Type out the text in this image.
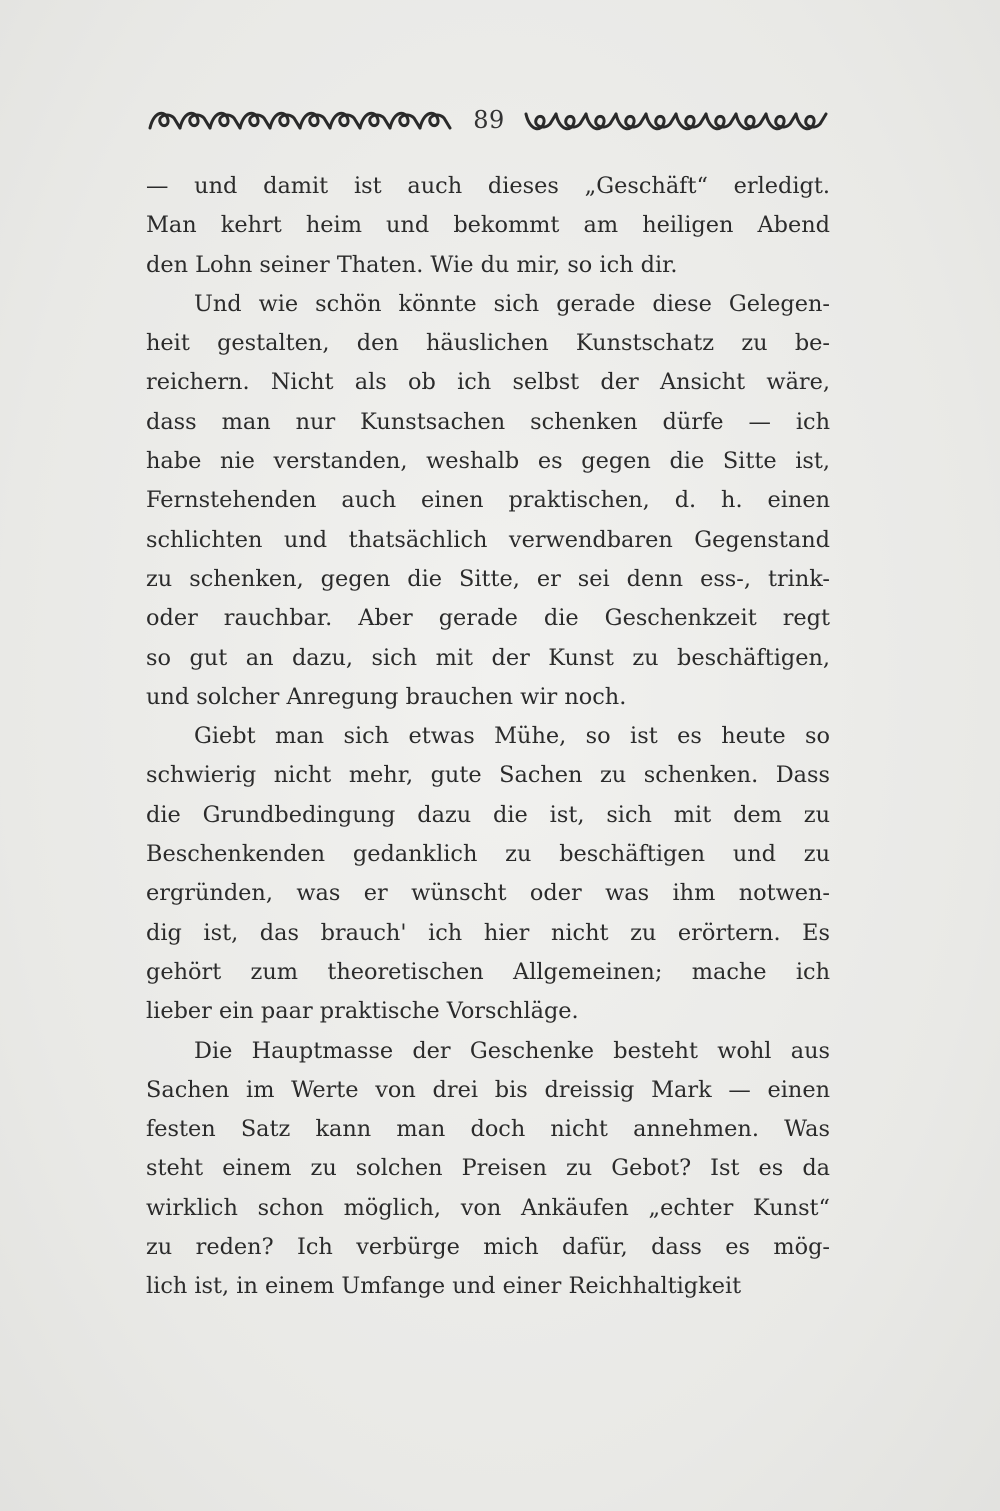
89
— und damit ist auch dieses „Geschäft“ erledigt.
Man kehrt heim und bekommt am heiligen Abend
den Lohn seiner Thaten. Wie du mir, so ich dir.
Und wie schön könnte sich gerade diese Gelegen-
heit gestalten, den häuslichen Kunstschatz zu be-
reichern. Nicht als ob ich selbst der Ansicht wäre,
dass man nur Kunstsachen schenken dürfe — ich
habe nie verstanden, weshalb es gegen die Sitte ist,
Fernstehenden auch einen praktischen, d. h. einen
schlichten und thatsächlich verwendbaren Gegenstand
zu schenken, gegen die Sitte, er sei denn ess-, trink-
oder rauchbar. Aber gerade die Geschenkzeit regt
so gut an dazu, sich mit der Kunst zu beschäftigen,
und solcher Anregung brauchen wir noch.
Giebt man sich etwas Mühe, so ist es heute so
schwierig nicht mehr, gute Sachen zu schenken. Dass
die Grundbedingung dazu die ist, sich mit dem zu
Beschenkenden gedanklich zu beschäftigen und zu
ergründen, was er wünscht oder was ihm notwen-
dig ist, das brauch' ich hier nicht zu erörtern. Es
gehört zum theoretischen Allgemeinen; mache ich
lieber ein paar praktische Vorschläge.
Die Hauptmasse der Geschenke besteht wohl aus
Sachen im Werte von drei bis dreissig Mark — einen
festen Satz kann man doch nicht annehmen. Was
steht einem zu solchen Preisen zu Gebot? Ist es da
wirklich schon möglich, von Ankäufen „echter Kunst“
zu reden? Ich verbürge mich dafür, dass es mög-
lich ist, in einem Umfange und einer Reichhaltigkeit
